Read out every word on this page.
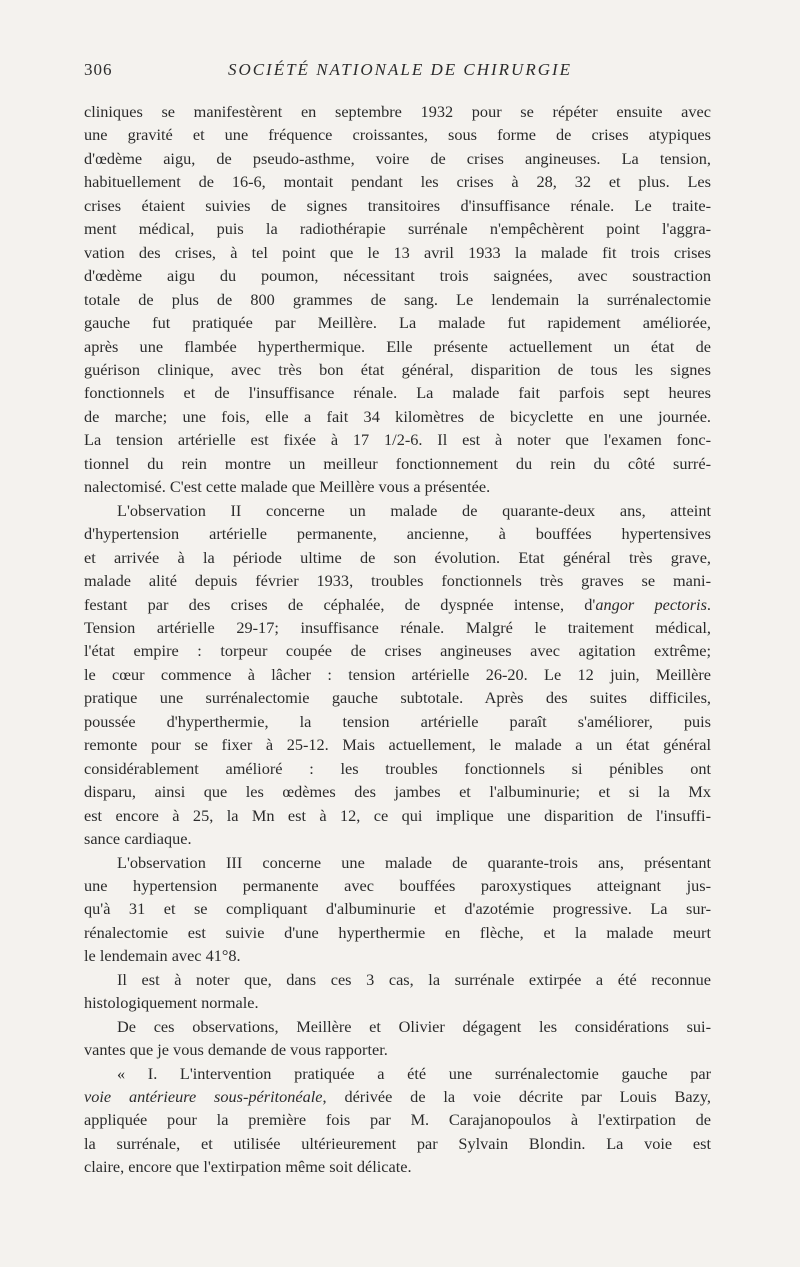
306	SOCIÉTÉ NATIONALE DE CHIRURGIE

cliniques se manifestèrent en septembre 1932 pour se répéter ensuite avec
une gravité et une fréquence croissantes, sous forme de crises atypiques
d'œdème aigu, de pseudo-asthme, voire de crises angineuses. La tension,
habituellement de 16-6, montait pendant les crises à 28, 32 et plus. Les
crises étaient suivies de signes transitoires d'insuffisance rénale. Le traite-
ment médical, puis la radiothérapie surrénale n'empêchèrent point l'aggra-
vation des crises, à tel point que le 13 avril 1933 la malade fit trois crises
d'œdème aigu du poumon, nécessitant trois saignées, avec soustraction
totale de plus de 800 grammes de sang. Le lendemain la surrénalectomie
gauche fut pratiquée par Meillère. La malade fut rapidement améliorée,
après une flambée hyperthermique. Elle présente actuellement un état de
guérison clinique, avec très bon état général, disparition de tous les signes
fonctionnels et de l'insuffisance rénale. La malade fait parfois sept heures
de marche; une fois, elle a fait 34 kilomètres de bicyclette en une journée.
La tension artérielle est fixée à 17 1/2-6. Il est à noter que l'examen fonc-
tionnel du rein montre un meilleur fonctionnement du rein du côté surré-
nalectomisé. C'est cette malade que Meillère vous a présentée.

L'observation II concerne un malade de quarante-deux ans, atteint
d'hypertension artérielle permanente, ancienne, à bouffées hypertensives
et arrivée à la période ultime de son évolution. Etat général très grave,
malade alité depuis février 1933, troubles fonctionnels très graves se mani-
festant par des crises de céphalée, de dyspnée intense, d'angor pectoris.
Tension artérielle 29-17; insuffisance rénale. Malgré le traitement médical,
l'état empire : torpeur coupée de crises angineuses avec agitation extrême;
le cœur commence à lâcher : tension artérielle 26-20. Le 12 juin, Meillère
pratique une surrénalectomie gauche subtotale. Après des suites difficiles,
poussée d'hyperthermie, la tension artérielle paraît s'améliorer, puis
remonte pour se fixer à 25-12. Mais actuellement, le malade a un état général
considérablement amélioré : les troubles fonctionnels si pénibles ont
disparu, ainsi que les œdèmes des jambes et l'albuminurie; et si la Mx
est encore à 25, la Mn est à 12, ce qui implique une disparition de l'insuffi-
sance cardiaque.

L'observation III concerne une malade de quarante-trois ans, présentant
une hypertension permanente avec bouffées paroxystiques atteignant jus-
qu'à 31 et se compliquant d'albuminurie et d'azotémie progressive. La sur-
rénalectomie est suivie d'une hyperthermie en flèche, et la malade meurt
le lendemain avec 41°8.

Il est à noter que, dans ces 3 cas, la surrénale extirpée a été reconnue
histologiquement normale.

De ces observations, Meillère et Olivier dégagent les considérations sui-
vantes que je vous demande de vous rapporter.

« I. L'intervention pratiquée a été une surrénalectomie gauche par
voie antérieure sous-péritonéale, dérivée de la voie décrite par Louis Bazy,
appliquée pour la première fois par M. Carajanopoulos à l'extirpation de
la surrénale, et utilisée ultérieurement par Sylvain Blondin. La voie est
claire, encore que l'extirpation même soit délicate.
